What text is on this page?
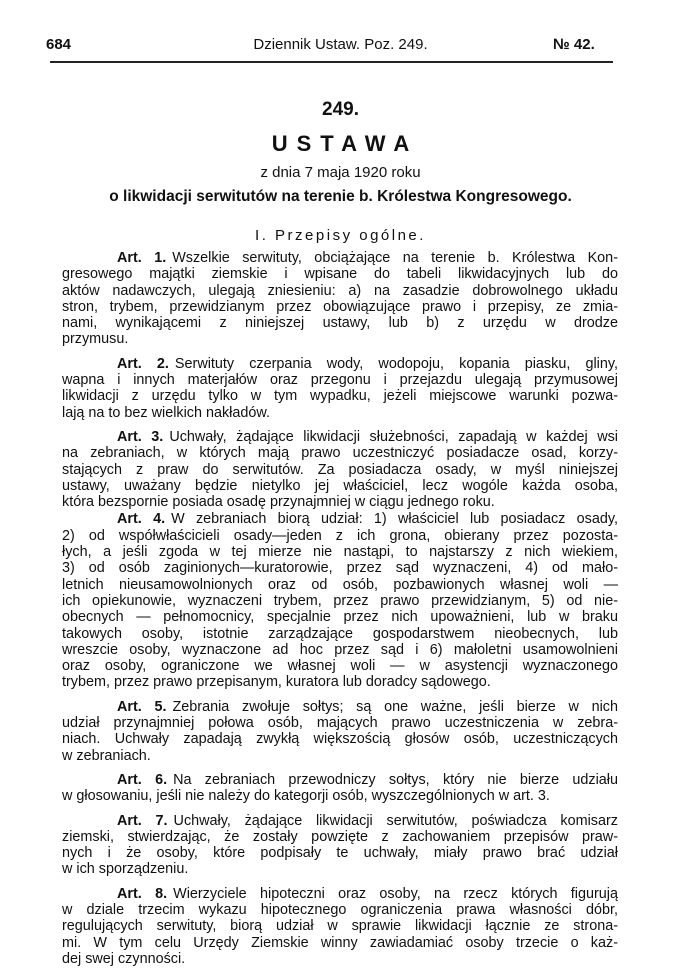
684	Dziennik Ustaw. Poz. 249.	№ 42.
249.
USTAWA
z dnia 7 maja 1920 roku
o likwidacji serwitutów na terenie b. Królestwa Kongresowego.
I. Przepisy ogólne.
Art. 1. Wszelkie serwituty, obciążające na terenie b. Królestwa Kon-
gresowego majątki ziemskie i wpisane do tabeli likwidacyjnych lub do
aktów nadawczych, ulegają zniesieniu: a) na zasadzie dobrowolnego układu
stron, trybem, przewidzianym przez obowiązujące prawo i przepisy, ze zmia-
nami, wynikającemi z niniejszej ustawy, lub b) z urzędu w drodze
przymusu.
Art. 2. Serwituty czerpania wody, wodopoju, kopania piasku, gliny,
wapna i innych materjałów oraz przegonu i przejazdu ulegają przymusowej
likwidacji z urzędu tylko w tym wypadku, jeżeli miejscowe warunki pozwa-
lają na to bez wielkich nakładów.
Art. 3. Uchwały, żądające likwidacji służebności, zapadają w każdej wsi
na zebraniach, w których mają prawo uczestniczyć posiadacze osad, korzy-
stających z praw do serwitutów. Za posiadacza osady, w myśl niniejszej
ustawy, uważany będzie nietylko jej właściciel, lecz wogóle każda osoba,
która bezspornie posiada osadę przynajmniej w ciągu jednego roku.
Art. 4. W zebraniach biorą udział: 1) właściciel lub posiadacz osady,
2) od współwłaścicieli osady—jeden z ich grona, obierany przez pozosta-
łych, a jeśli zgoda w tej mierze nie nastąpi, to najstarszy z nich wiekiem,
3) od osób zaginionych—kuratorowie, przez sąd wyznaczeni, 4) od mało-
letnich nieusamowolnionych oraz od osób, pozbawionych własnej woli —
ich opiekunowie, wyznaczeni trybem, przez prawo przewidzianym, 5) od nie-
obecnych — pełnomocnicy, specjalnie przez nich upoważnieni, lub w braku
takowych osoby, istotnie zarządzające gospodarstwem nieobecnych, lub
wreszcie osoby, wyznaczone ad hoc przez sąd i 6) małoletni usamowolnieni
oraz osoby, ograniczone we własnej woli — w asystencji wyznaczonego
trybem, przez prawo przepisanym, kuratora lub doradcy sądowego.
Art. 5. Zebrania zwołuje sołtys; są one ważne, jeśli bierze w nich
udział przynajmniej połowa osób, mających prawo uczestniczenia w zebra-
niach. Uchwały zapadają zwykłą większością głosów osób, uczestniczących
w zebraniach.
Art. 6. Na zebraniach przewodniczy sołtys, który nie bierze udziału
w głosowaniu, jeśli nie należy do kategorji osób, wyszczególnionych w art. 3.
Art. 7. Uchwały, żądające likwidacji serwitutów, poświadcza komisarz
ziemski, stwierdzając, że zostały powzięte z zachowaniem przepisów praw-
nych i że osoby, które podpisały te uchwały, miały prawo brać udział
w ich sporządzeniu.
Art. 8. Wierzyciele hipoteczni oraz osoby, na rzecz których figurują
w dziale trzecim wykazu hipotecznego ograniczenia prawa własności dóbr,
regulujących serwituty, biorą udział w sprawie likwidacji łącznie ze strona-
mi. W tym celu Urzędy Ziemskie winny zawiadamiać osoby trzecie o każ-
dej swej czynności.
